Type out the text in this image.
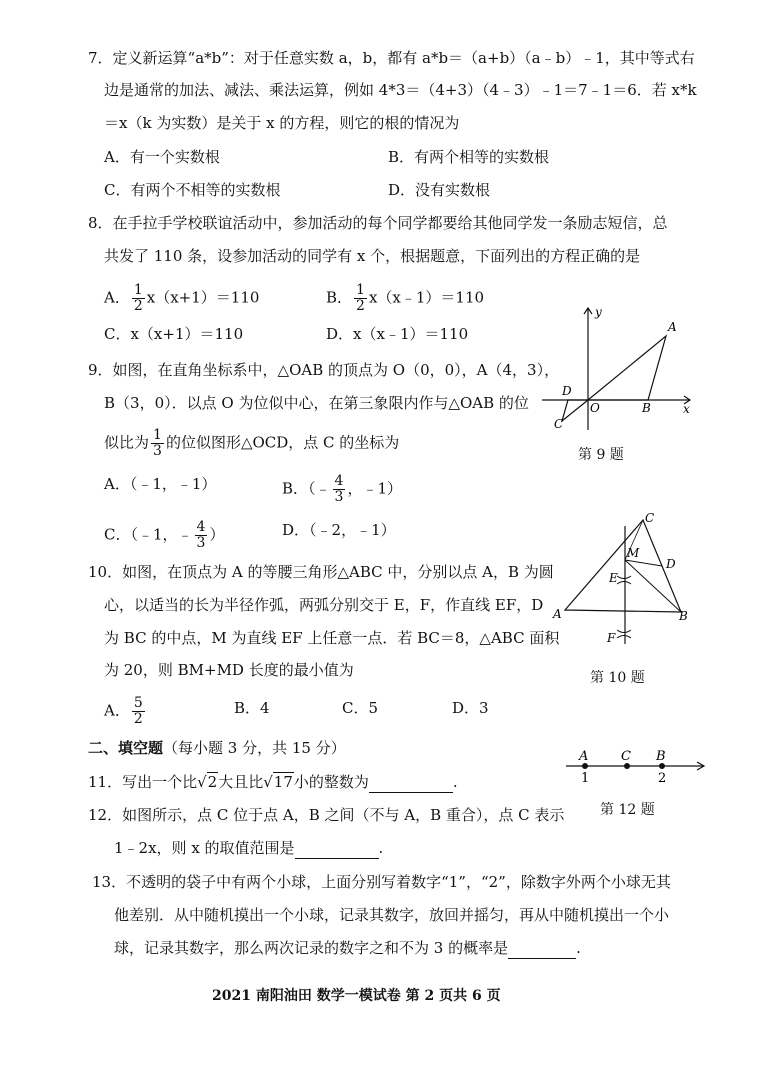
7．定义新运算“a*b”：对于任意实数 a，b，都有 a*b＝（a+b）（a﹣b）﹣1，其中等式右
边是通常的加法、减法、乘法运算，例如 4*3＝（4+3）（4﹣3）﹣1＝7﹣1＝6．若 x*k
＝x（k 为实数）是关于 x 的方程，则它的根的情况为
A．有一个实数根	B．有两个相等的实数根
C．有两个不相等的实数根	D．没有实数根
8．在手拉手学校联谊活动中，参加活动的每个同学都要给其他同学发一条励志短信，总
共发了 110 条，设参加活动的同学有 x 个，根据题意，下面列出的方程正确的是
A． $\frac{1}{2} x(x+1)=110$	B． $\frac{1}{2}$ x（x﹣1）＝110
C．x（x+1）＝110	D．x（x﹣1）＝110
9．如图，在直角坐标系中，△OAB 的顶点为 O（0，0），A（4，3），
B（3，0）．以点 O 为位似中心，在第三象限内作与△OAB 的位
似比为 $\frac{1}{3}$ 的位似图形△OCD，点 C 的坐标为
A．（﹣1，﹣1）	B．（﹣ $\frac{4}{3}$ ，﹣1）
C．（﹣1，﹣ $\frac{4}{3}$ ）	D．（﹣2，﹣1）
y
x
A
B
O
D
C
第 9 题
10．如图，在顶点为 A 的等腰三角形△ABC 中，分别以点 A，B 为圆
心，以适当的长为半径作弧，两弧分别交于 E，F，作直线 EF，D
为 BC 的中点，M 为直线 EF 上任意一点．若 BC＝8，△ABC 面积
为 20，则 BM+MD 长度的最小值为
A． $\frac{5}{2}$	B．4	C．5	D．3
C
M
D
E
A	B
F
第 10 题
二、填空题（每小题 3 分，共 15 分）
11．写出一个比√2大且比√17小的整数为	.
12．如图所示，点 C 位于点 A，B 之间（不与 A，B 重合），点 C 表示
1﹣2x，则 x 的取值范围是	.
A	C B
1	2
第 12 题
13．不透明的袋子中有两个小球，上面分别写着数字“1”，“2”，除数字外两个小球无其
他差别．从中随机摸出一个小球，记录其数字，放回并摇匀，再从中随机摸出一个小
球，记录其数字，那么两次记录的数字之和不为 3 的概率是	.
2021 南阳油田 数学一模试卷 第 2 页共 6 页
